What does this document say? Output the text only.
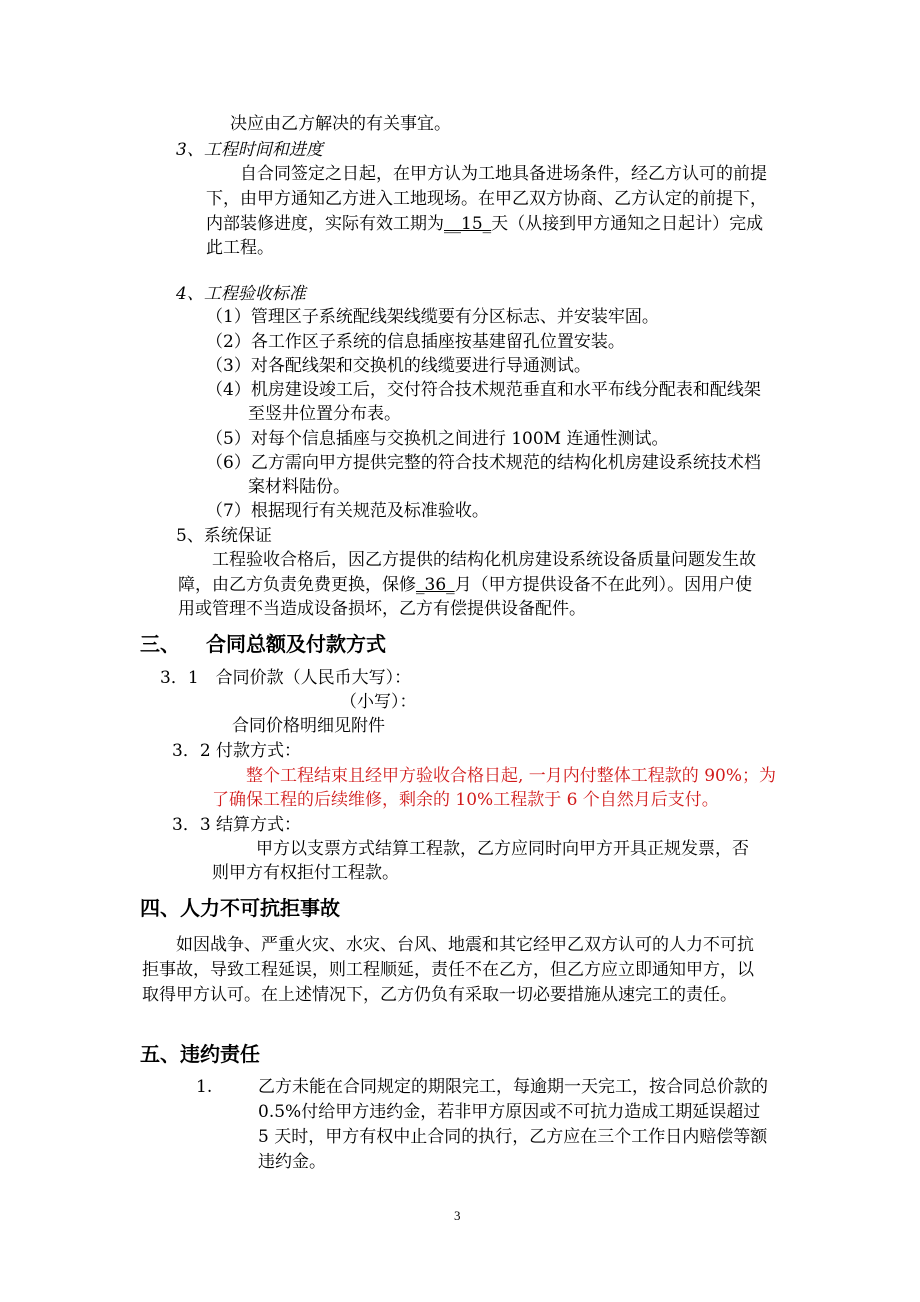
决应由乙方解决的有关事宜。
3、工程时间和进度
自合同签定之日起，在甲方认为工地具备进场条件，经乙方认可的前提
下，由甲方通知乙方进入工地现场。在甲乙双方协商、乙方认定的前提下，
内部装修进度，实际有效工期为__15_天（从接到甲方通知之日起计）完成
此工程。
4、工程验收标准
（1）管理区子系统配线架线缆要有分区标志、并安装牢固。
（2）各工作区子系统的信息插座按基建留孔位置安装。
（3）对各配线架和交换机的线缆要进行导通测试。
（4）机房建设竣工后，交付符合技术规范垂直和水平布线分配表和配线架
至竖井位置分布表。
（5）对每个信息插座与交换机之间进行 100M 连通性测试。
（6）乙方需向甲方提供完整的符合技术规范的结构化机房建设系统技术档
案材料陆份。
（7）根据现行有关规范及标准验收。
5、系统保证
工程验收合格后，因乙方提供的结构化机房建设系统设备质量问题发生故
障，由乙方负责免费更换，保修_36_月（甲方提供设备不在此列）。因用户使
用或管理不当造成设备损坏，乙方有偿提供设备配件。
三、 合同总额及付款方式
3．1　合同价款（人民币大写）：
（小写）：
合同价格明细见附件
3．2 付款方式：
整个工程结束且经甲方验收合格日起, 一月内付整体工程款的 90%；为
了确保工程的后续维修，剩余的 10%工程款于 6 个自然月后支付。
3．3 结算方式：
甲方以支票方式结算工程款，乙方应同时向甲方开具正规发票，否
则甲方有权拒付工程款。
四、人力不可抗拒事故
如因战争、严重火灾、水灾、台风、地震和其它经甲乙双方认可的人力不可抗
拒事故，导致工程延误，则工程顺延，责任不在乙方，但乙方应立即通知甲方，以
取得甲方认可。在上述情况下，乙方仍负有采取一切必要措施从速完工的责任。
五、违约责任
1.	乙方未能在合同规定的期限完工，每逾期一天完工，按合同总价款的
0.5%付给甲方违约金，若非甲方原因或不可抗力造成工期延误超过
5 天时，甲方有权中止合同的执行，乙方应在三个工作日内赔偿等额
违约金。
3
